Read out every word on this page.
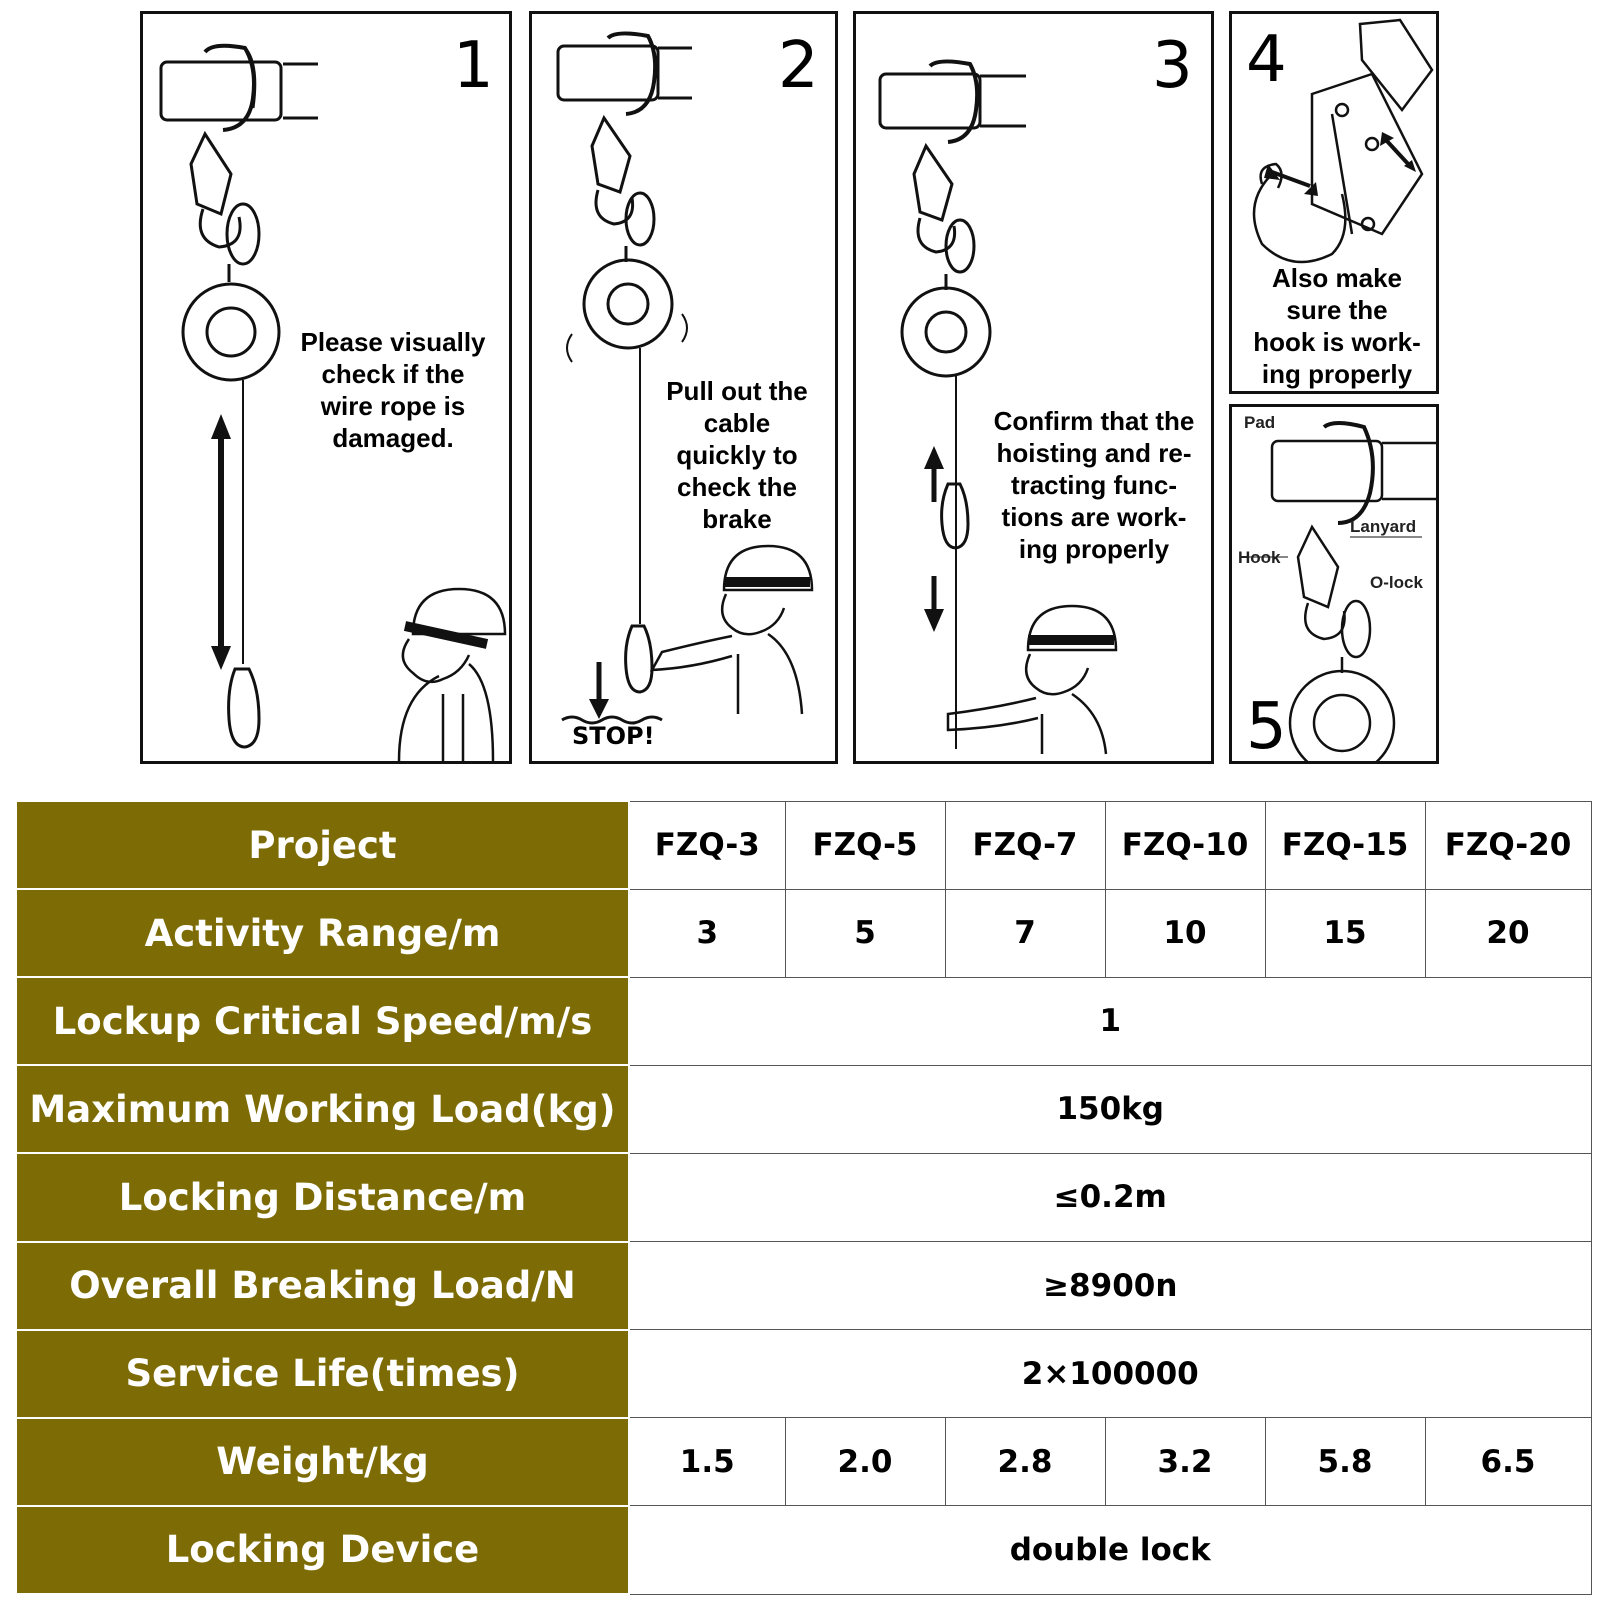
1
Please visually
check if the
wire rope is
damaged.
2
Pull out the
cable
quickly to
check the
brake
STOP!
3
Confirm that the
hoisting and re-
tracting func-
tions are work-
ing properly
4
Also make
sure the
hook is work-
ing properly
Pad
Lanyard
Hook
O-lock
5
Project	FZQ-3	FZQ-5	FZQ-7	FZQ-10	FZQ-15	FZQ-20
Activity Range/m	3	5	7	10	15	20
Lockup Critical Speed/m/s	1					
Maximum Working Load(kg)	150kg					
Locking Distance/m	≤0.2m					
Overall Breaking Load/N	≥8900n					
Service Life(times)	2×100000					
Weight/kg	1.5	2.0	2.8	3.2	5.8	6.5
Locking Device	double lock					
